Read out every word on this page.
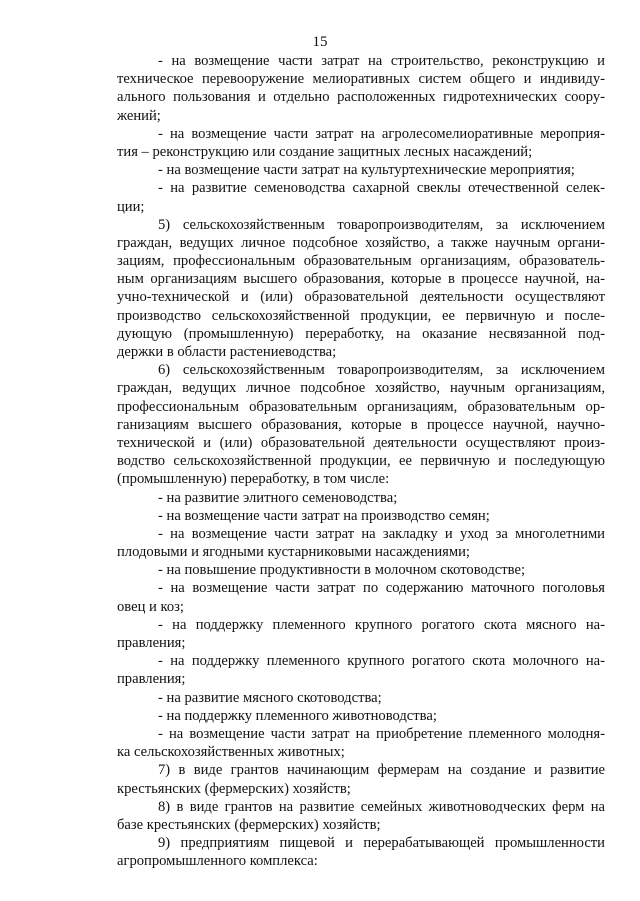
15
- на возмещение части затрат на строительство, реконструкцию и
техническое перевооружение мелиоративных систем общего и индивиду-
ального пользования и отдельно расположенных гидротехнических соору-
жений;
- на возмещение части затрат на агролесомелиоративные мероприя-
тия – реконструкцию или создание защитных лесных насаждений;
- на возмещение части затрат на культуртехнические мероприятия;
- на развитие семеноводства сахарной свеклы отечественной селек-
ции;
5) сельскохозяйственным товаропроизводителям, за исключением
граждан, ведущих личное подсобное хозяйство, а также научным органи-
зациям, профессиональным образовательным организациям, образователь-
ным организациям высшего образования, которые в процессе научной, на-
учно-технической и (или) образовательной деятельности осуществляют
производство сельскохозяйственной продукции, ее первичную и после-
дующую (промышленную) переработку, на оказание несвязанной под-
держки в области растениеводства;
6) сельскохозяйственным товаропроизводителям, за исключением
граждан, ведущих личное подсобное хозяйство, научным организациям,
профессиональным образовательным организациям, образовательным ор-
ганизациям высшего образования, которые в процессе научной, научно-
технической и (или) образовательной деятельности осуществляют произ-
водство сельскохозяйственной продукции, ее первичную и последующую
(промышленную) переработку, в том числе:
- на развитие элитного семеноводства;
- на возмещение части затрат на производство семян;
- на возмещение части затрат на закладку и уход за многолетними
плодовыми и ягодными кустарниковыми насаждениями;
- на повышение продуктивности в молочном скотоводстве;
- на возмещение части затрат по содержанию маточного поголовья
овец и коз;
- на поддержку племенного крупного рогатого скота мясного на-
правления;
- на поддержку племенного крупного рогатого скота молочного на-
правления;
- на развитие мясного скотоводства;
- на поддержку племенного животноводства;
- на возмещение части затрат на приобретение племенного молодня-
ка сельскохозяйственных животных;
7) в виде грантов начинающим фермерам на создание и развитие
крестьянских (фермерских) хозяйств;
8) в виде грантов на развитие семейных животноводческих ферм на
базе крестьянских (фермерских) хозяйств;
9) предприятиям пищевой и перерабатывающей промышленности
агропромышленного комплекса:
